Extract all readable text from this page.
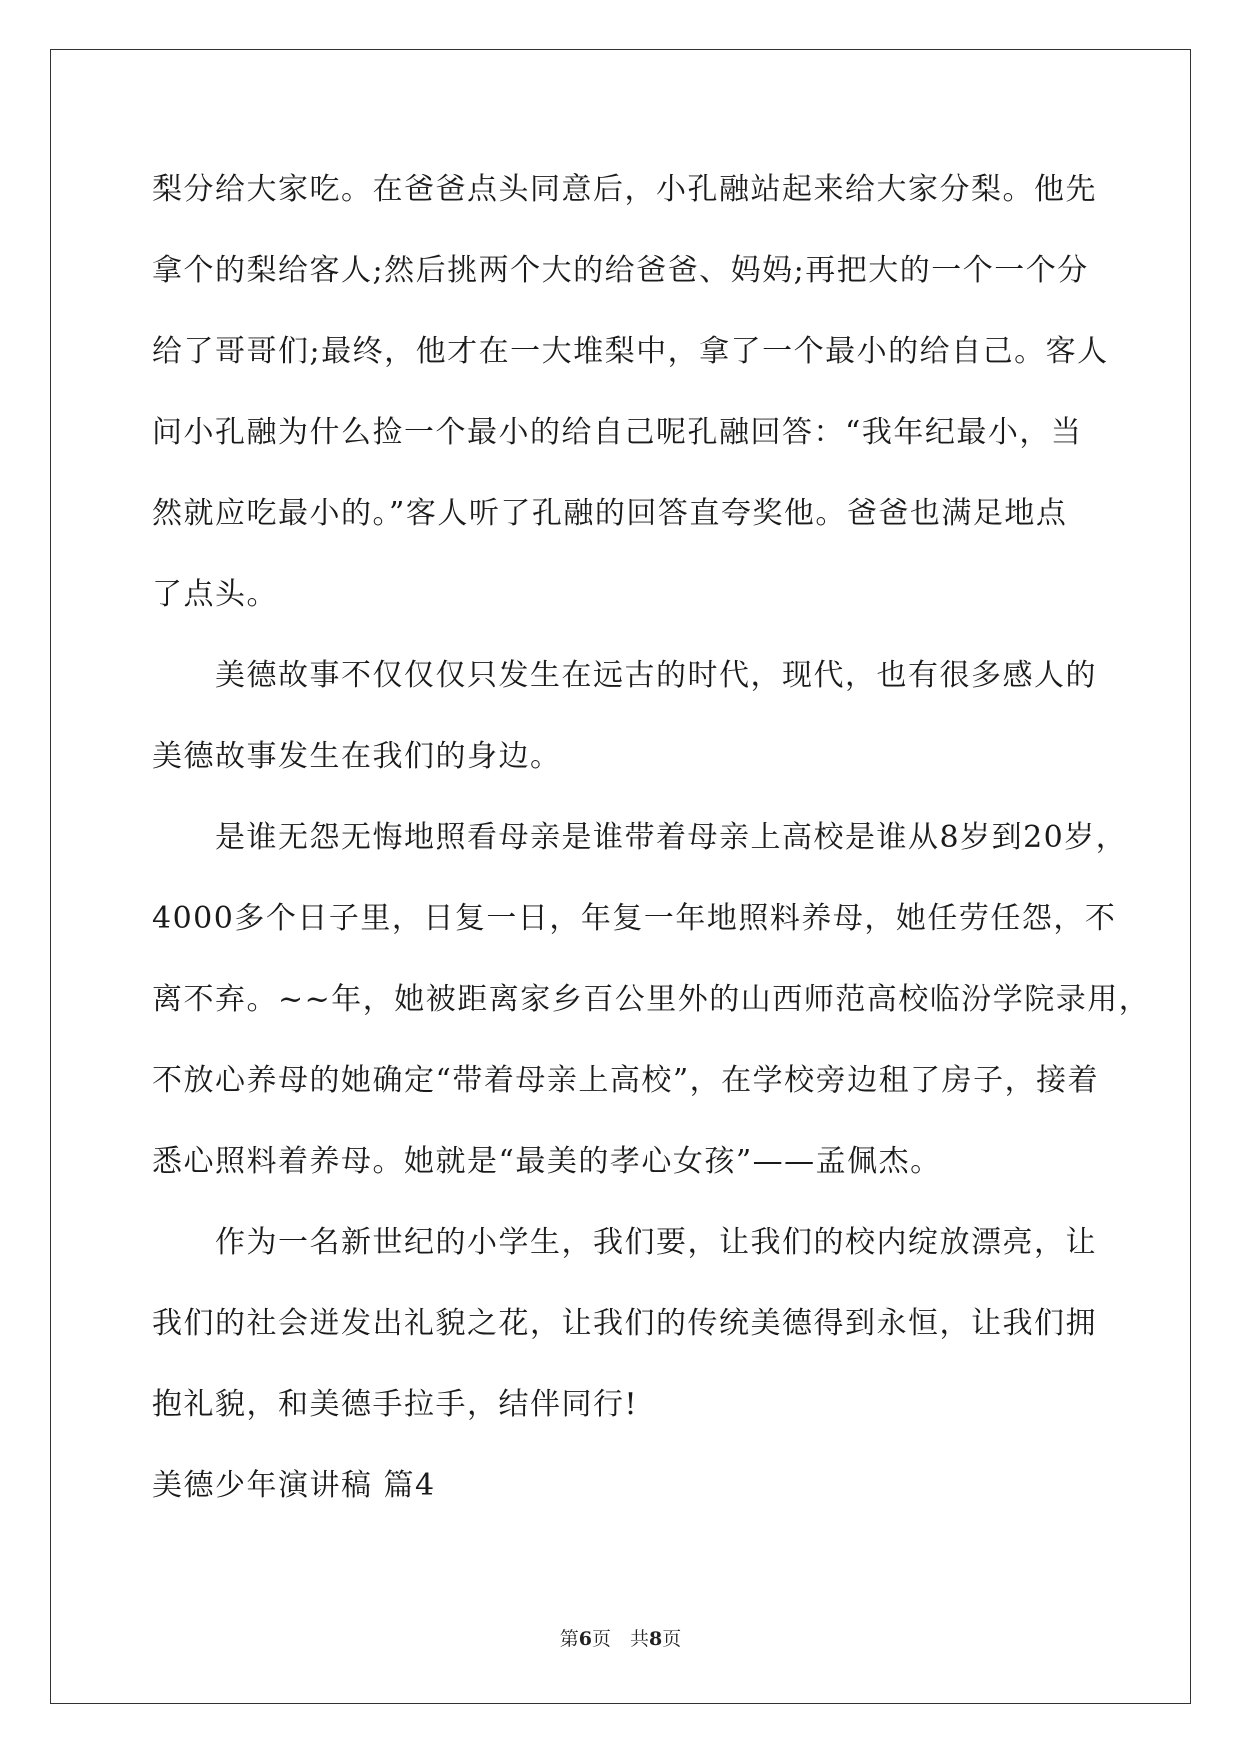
梨分给大家吃。在爸爸点头同意后，小孔融站起来给大家分梨。他先
拿个的梨给客人;然后挑两个大的给爸爸、妈妈;再把大的一个一个分
给了哥哥们;最终，他才在一大堆梨中，拿了一个最小的给自己。客人
问小孔融为什么捡一个最小的给自己呢孔融回答：“我年纪最小，当
然就应吃最小的。”客人听了孔融的回答直夸奖他。爸爸也满足地点
了点头。
美德故事不仅仅仅只发生在远古的时代，现代，也有很多感人的
美德故事发生在我们的身边。
是谁无怨无悔地照看母亲是谁带着母亲上高校是谁从8岁到20岁，
4000多个日子里，日复一日，年复一年地照料养母，她任劳任怨，不
离不弃。~~年，她被距离家乡百公里外的山西师范高校临汾学院录用，
不放心养母的她确定“带着母亲上高校”，在学校旁边租了房子，接着
悉心照料着养母。她就是“最美的孝心女孩”——孟佩杰。
作为一名新世纪的小学生，我们要，让我们的校内绽放漂亮，让
我们的社会迸发出礼貌之花，让我们的传统美德得到永恒，让我们拥
抱礼貌，和美德手拉手，结伴同行!
美德少年演讲稿 篇4
第6页　共8页
